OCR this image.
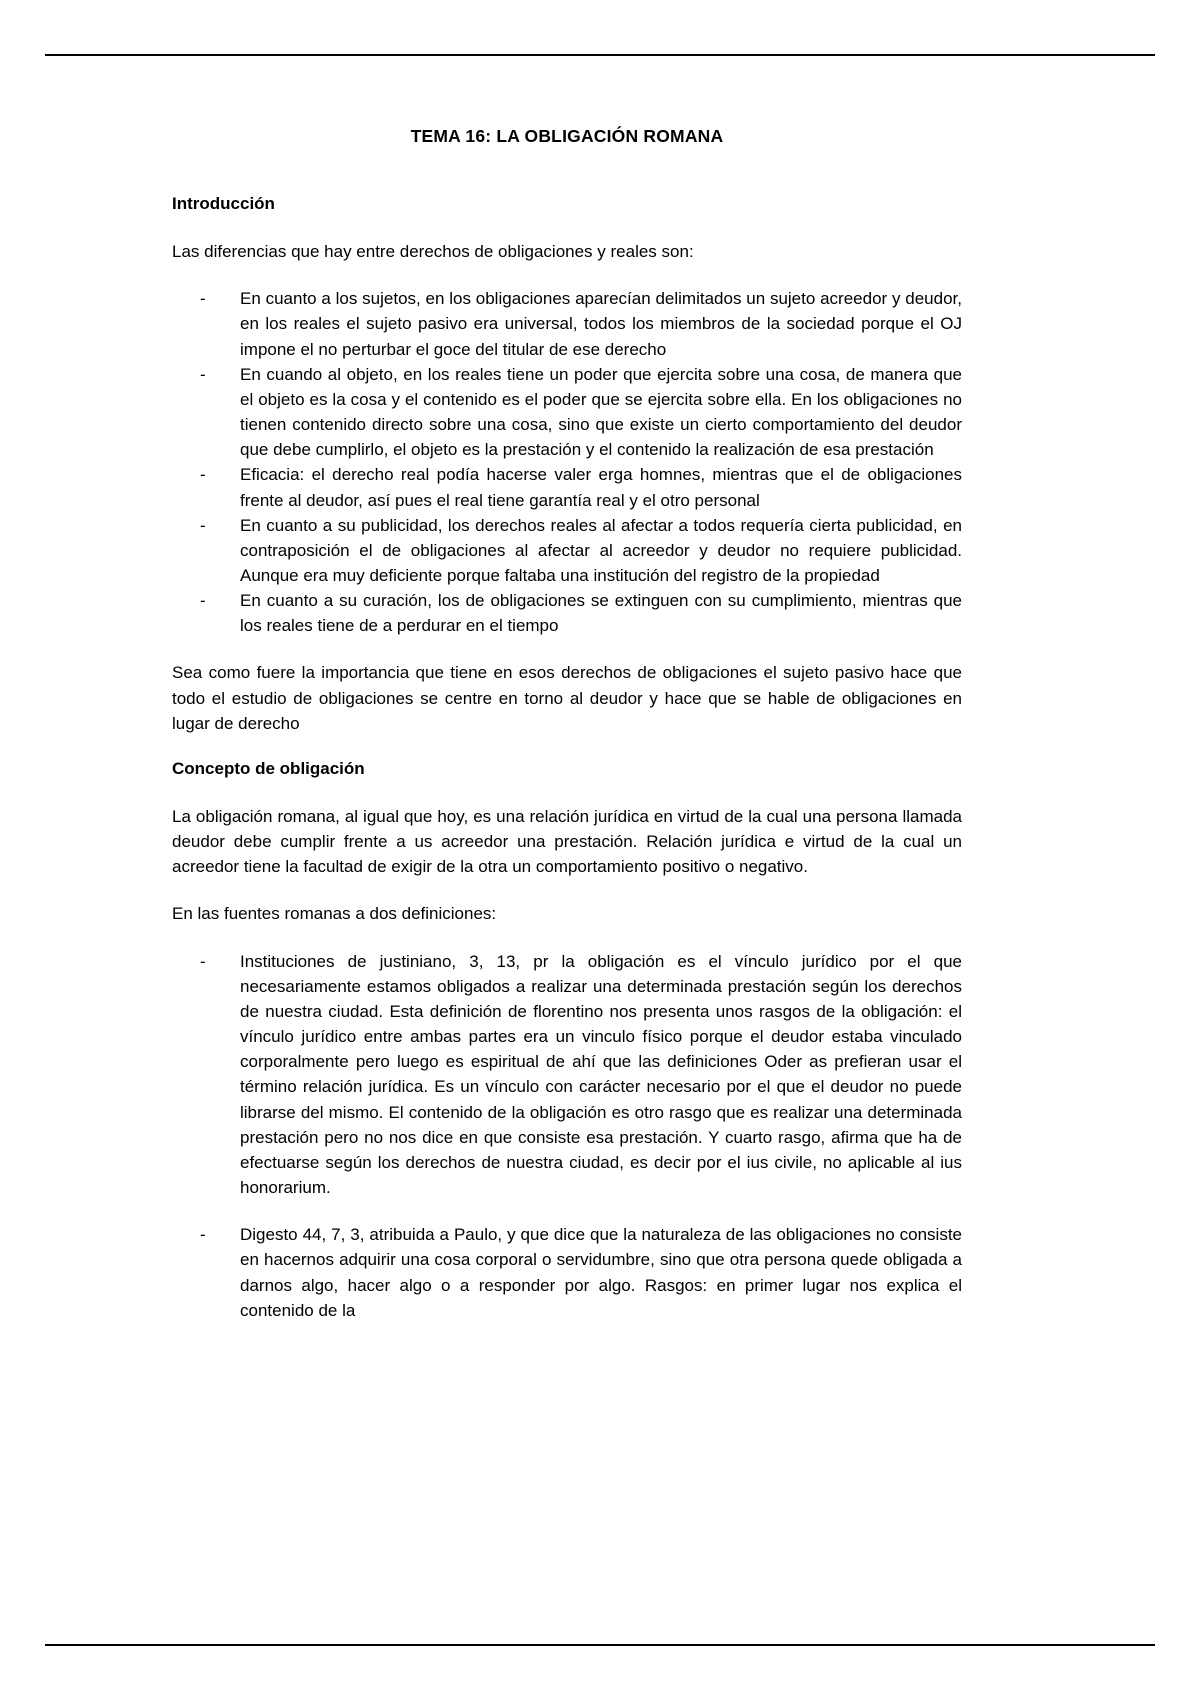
TEMA 16: LA OBLIGACIÓN ROMANA
Introducción

Las diferencias que hay entre derechos de obligaciones y reales son:

- En cuanto a los sujetos, en los obligaciones aparecían delimitados un sujeto acreedor y deudor, en los reales el sujeto pasivo era universal, todos los miembros de la sociedad porque el OJ impone el no perturbar el goce del titular de ese derecho
- En cuando al objeto, en los reales tiene un poder que ejercita sobre una cosa, de manera que el objeto es la cosa y el contenido es el poder que se ejercita sobre ella. En los obligaciones no tienen contenido directo sobre una cosa, sino que existe un cierto comportamiento del deudor que debe cumplirlo, el objeto es la prestación y el contenido la realización de esa prestación
- Eficacia: el derecho real podía hacerse valer erga homnes, mientras que el de obligaciones frente al deudor, así pues el real tiene garantía real y el otro personal
- En cuanto a su publicidad, los derechos reales al afectar a todos requería cierta publicidad, en contraposición el de obligaciones al afectar al acreedor y deudor no requiere publicidad. Aunque era muy deficiente porque faltaba una institución del registro de la propiedad
- En cuanto a su curación, los de obligaciones se extinguen con su cumplimiento, mientras que los reales tiene de a perdurar en el tiempo

Sea como fuere la importancia que tiene en esos derechos de obligaciones el sujeto pasivo hace que todo el estudio de obligaciones se centre en torno al deudor y hace que se hable de obligaciones en lugar de derecho

Concepto de obligación

La obligación romana, al igual que hoy, es una relación jurídica en virtud de la cual una persona llamada deudor debe cumplir frente a us acreedor una prestación. Relación jurídica e virtud de la cual un acreedor tiene la facultad de exigir de la otra un comportamiento positivo o negativo.

En las fuentes romanas a dos definiciones:

- Instituciones de justiniano, 3, 13, pr la obligación es el vínculo jurídico por el que necesariamente estamos obligados a realizar una determinada prestación según los derechos de nuestra ciudad. Esta definición de florentino nos presenta unos rasgos de la obligación: el vínculo jurídico entre ambas partes era un vinculo físico porque el deudor estaba vinculado corporalmente pero luego es espiritual de ahí que las definiciones Oder as prefieran usar el término relación jurídica. Es un vínculo con carácter necesario por el que el deudor no puede librarse del mismo. El contenido de la obligación es otro rasgo que es realizar una determinada prestación pero no nos dice en que consiste esa prestación. Y cuarto rasgo, afirma que ha de efectuarse según los derechos de nuestra ciudad, es decir por el ius civile, no aplicable al ius honorarium.
- Digesto 44, 7, 3, atribuida a Paulo, y que dice que la naturaleza de las obligaciones no consiste en hacernos adquirir una cosa corporal o servidumbre, sino que otra persona quede obligada a darnos algo, hacer algo o a responder por algo. Rasgos: en primer lugar nos explica el contenido de la
